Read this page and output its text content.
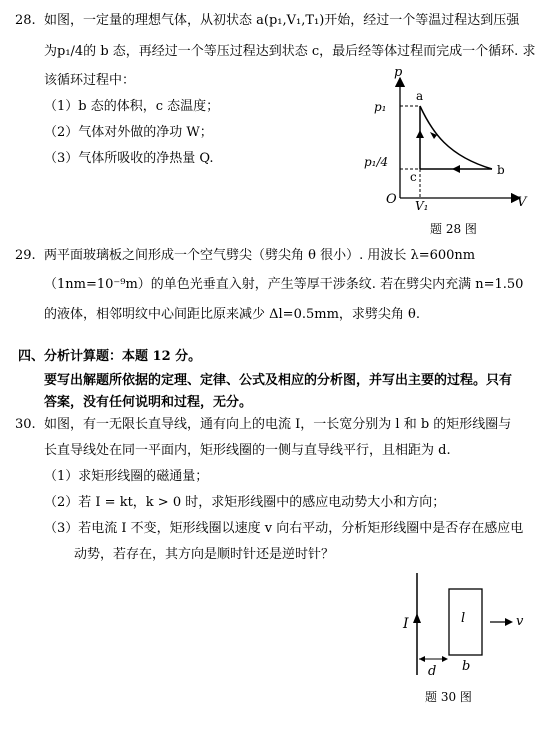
28. 如图，一定量的理想气体，从初状态 a(p₁,V₁,T₁)开始，经过一个等温过程达到压强
为p₁/4的 b 态，再经过一个等压过程达到状态 c，最后经等体过程而完成一个循环. 求
该循环过程中：
（1）b 态的体积，c 态温度；
（2）气体对外做的净功 W；
（3）气体所吸收的净热量 Q.
p
V
O
p₁
p₁/4
V₁
a
b
c
题 28 图
29. 两平面玻璃板之间形成一个空气劈尖（劈尖角 θ 很小）. 用波长 λ=600nm
（1nm=10⁻⁹m）的单色光垂直入射，产生等厚干涉条纹. 若在劈尖内充满 n=1.50
的液体，相邻明纹中心间距比原来减少 Δl=0.5mm，求劈尖角 θ.
四、分析计算题：本题 12 分。
要写出解题所依据的定理、定律、公式及相应的分析图，并写出主要的过程。只有
答案，没有任何说明和过程，无分。
30. 如图，有一无限长直导线，通有向上的电流 I，一长宽分别为 l 和 b 的矩形线圈与
长直导线处在同一平面内，矩形线圈的一侧与直导线平行，且相距为 d.
（1）求矩形线圈的磁通量；
（2）若 I = kt，k > 0 时，求矩形线圈中的感应电动势大小和方向；
（3）若电流 I 不变，矩形线圈以速度 v 向右平动，分析矩形线圈中是否存在感应电
动势，若存在，其方向是顺时针还是逆时针？
I	l	v
d b
题 30 图
